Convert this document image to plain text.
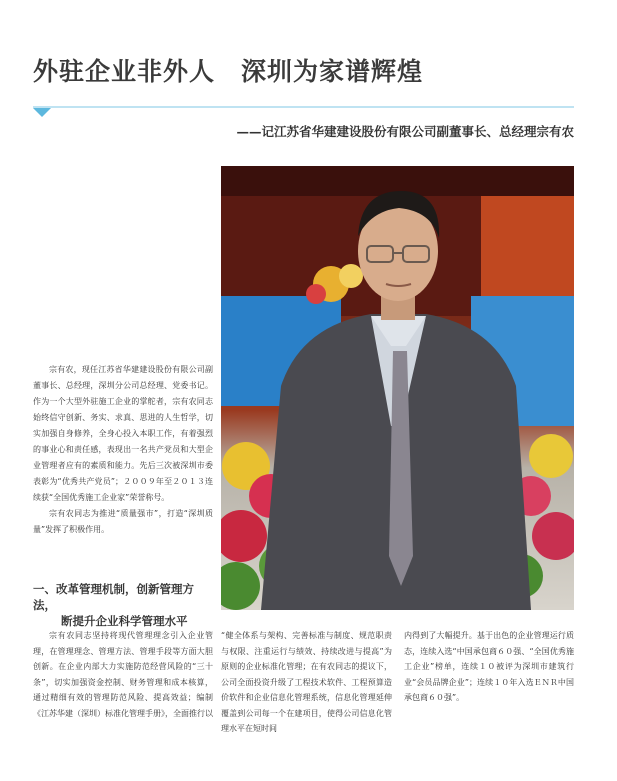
外驻企业非外人　深圳为家谱辉煌
——记江苏省华建建设股份有限公司副董事长、总经理宗有农

宗有农，现任江苏省华建建设股份有限公司副董事长、总经理，深圳分公司总经理、党委书记。作为一个大型外驻施工企业的掌舵者，宗有农同志始终信守创新、务实、求真、思进的人生哲学，切实加强自身修养，全身心投入本职工作，有着强烈的事业心和责任感，表现出一名共产党员和大型企业管理者应有的素质和能力。先后三次被深圳市委表彰为“优秀共产党员”；２００９年至２０１３连续获“全国优秀施工企业家”荣誉称号。

宗有农同志为推进“质量强市”，打造“深圳质量”发挥了积极作用。

一、改革管理机制，创新管理方法，
断提升企业科学管理水平

宗有农同志坚持将现代管理理念引入企业管理，在管理理念、管理方法、管理手段等方面大胆创新。在企业内部大力实施防范经营风险的“三十条”，切实加强资金控制、财务管理和成本核算，通过精细有效的管理防范风险、提高效益；编制《江苏华建（深圳）标准化管理手册》，全面推行以

“健全体系与架构、完善标准与制度、规范职责与权限、注重运行与绩效、持续改进与提高”为原则的企业标准化管理；在有农同志的提议下，公司全面投资升级了工程技术软件、工程预算造价软件和企业信息化管理系统，信息化管理延伸覆盖到公司每一个在建项目，使得公司信息化管理水平在短时间

内得到了大幅提升。基于出色的企业管理运行质态，连续入选“中国承包商６０强、“全国优秀施工企业”榜单，连续１０被评为深圳市建筑行业“会员品牌企业”；连续１０年入选ＥＮＲ中国承包商６０强”。
